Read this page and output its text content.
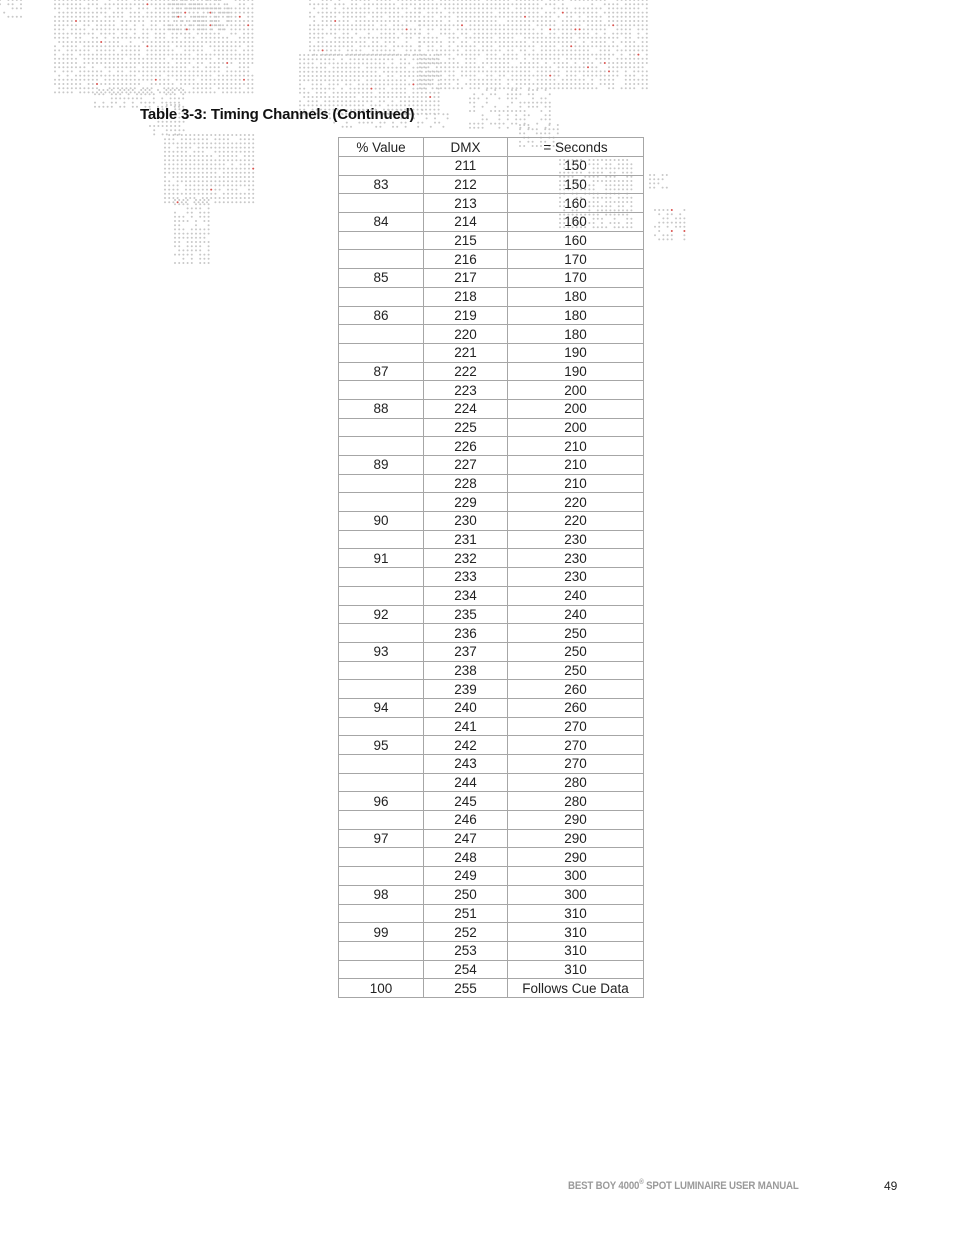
Table 3-3: Timing Channels (Continued)
% Value	DMX	= Seconds
	211	150
83	212	150
	213	160
84	214	160
	215	160
	216	170
85	217	170
	218	180
86	219	180
	220	180
	221	190
87	222	190
	223	200
88	224	200
	225	200
	226	210
89	227	210
	228	210
	229	220
90	230	220
	231	230
91	232	230
	233	230
	234	240
92	235	240
	236	250
93	237	250
	238	250
	239	260
94	240	260
	241	270
95	242	270
	243	270
	244	280
96	245	280
	246	290
97	247	290
	248	290
	249	300
98	250	300
	251	310
99	252	310
	253	310
	254	310
100	255	Follows Cue Data
BEST BOY 4000® SPOT LUMINAIRE USER MANUAL	49
